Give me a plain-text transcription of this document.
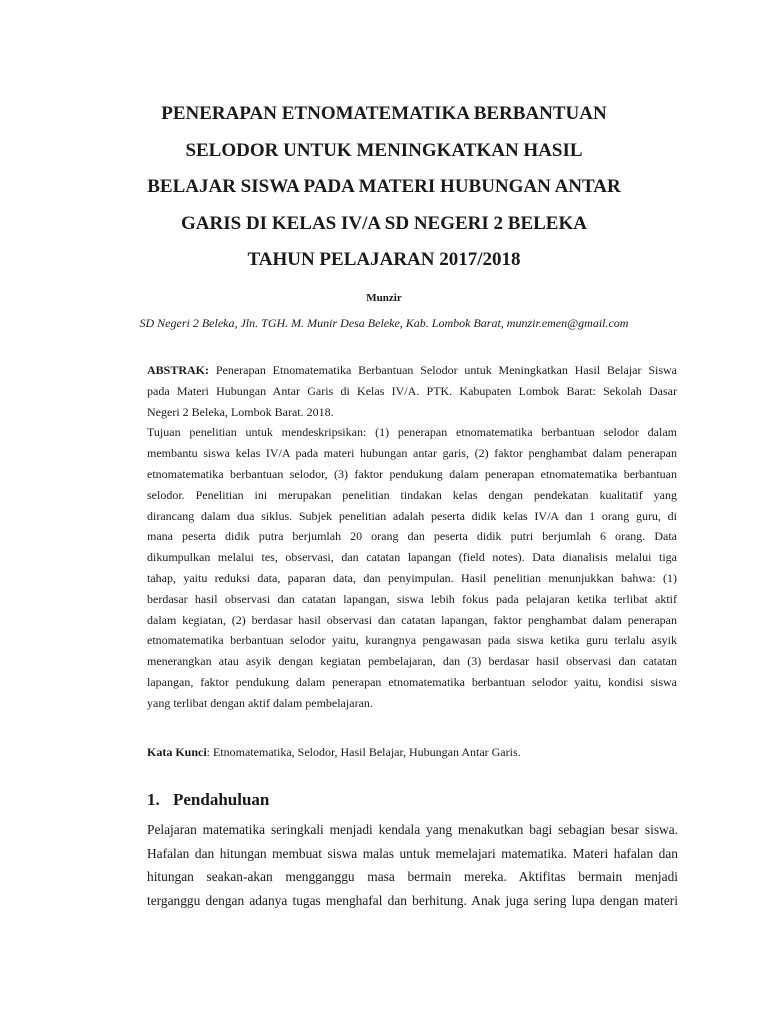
PENERAPAN ETNOMATEMATIKA BERBANTUAN
SELODOR UNTUK MENINGKATKAN HASIL
BELAJAR SISWA PADA MATERI HUBUNGAN ANTAR
GARIS DI KELAS IV/A SD NEGERI 2 BELEKA
TAHUN PELAJARAN 2017/2018
Munzir
SD Negeri 2 Beleka, Jln. TGH. M. Munir Desa Beleke, Kab. Lombok Barat, munzir.emen@gmail.com
ABSTRAK: Penerapan Etnomatematika Berbantuan Selodor untuk Meningkatkan Hasil Belajar Siswa
pada Materi Hubungan Antar Garis di Kelas IV/A. PTK. Kabupaten Lombok Barat: Sekolah Dasar
Negeri 2 Beleka, Lombok Barat. 2018.
Tujuan penelitian untuk mendeskripsikan: (1) penerapan etnomatematika berbantuan selodor dalam
membantu siswa kelas IV/A pada materi hubungan antar garis, (2) faktor penghambat dalam penerapan
etnomatematika berbantuan selodor, (3) faktor pendukung dalam penerapan etnomatematika berbantuan
selodor. Penelitian ini merupakan penelitian tindakan kelas dengan pendekatan kualitatif yang
dirancang dalam dua siklus. Subjek penelitian adalah peserta didik kelas IV/A dan 1 orang guru, di
mana peserta didik putra berjumlah 20 orang dan peserta didik putri berjumlah 6 orang. Data
dikumpulkan melalui tes, observasi, dan catatan lapangan (field notes). Data dianalisis melalui tiga
tahap, yaitu reduksi data, paparan data, dan penyimpulan. Hasil penelitian menunjukkan bahwa: (1)
berdasar hasil observasi dan catatan lapangan, siswa lebih fokus pada pelajaran ketika terlibat aktif
dalam kegiatan, (2) berdasar hasil observasi dan catatan lapangan, faktor penghambat dalam penerapan
etnomatematika berbantuan selodor yaitu, kurangnya pengawasan pada siswa ketika guru terlalu asyik
menerangkan atau asyik dengan kegiatan pembelajaran, dan (3) berdasar hasil observasi dan catatan
lapangan, faktor pendukung dalam penerapan etnomatematika berbantuan selodor yaitu, kondisi siswa
yang terlibat dengan aktif dalam pembelajaran.
Kata Kunci: Etnomatematika, Selodor, Hasil Belajar, Hubungan Antar Garis.
1. Pendahuluan
Pelajaran matematika seringkali menjadi kendala yang menakutkan bagi sebagian besar siswa.
Hafalan dan hitungan membuat siswa malas untuk memelajari matematika. Materi hafalan dan
hitungan seakan-akan mengganggu masa bermain mereka. Aktifitas bermain menjadi
terganggu dengan adanya tugas menghafal dan berhitung. Anak juga sering lupa dengan materi
